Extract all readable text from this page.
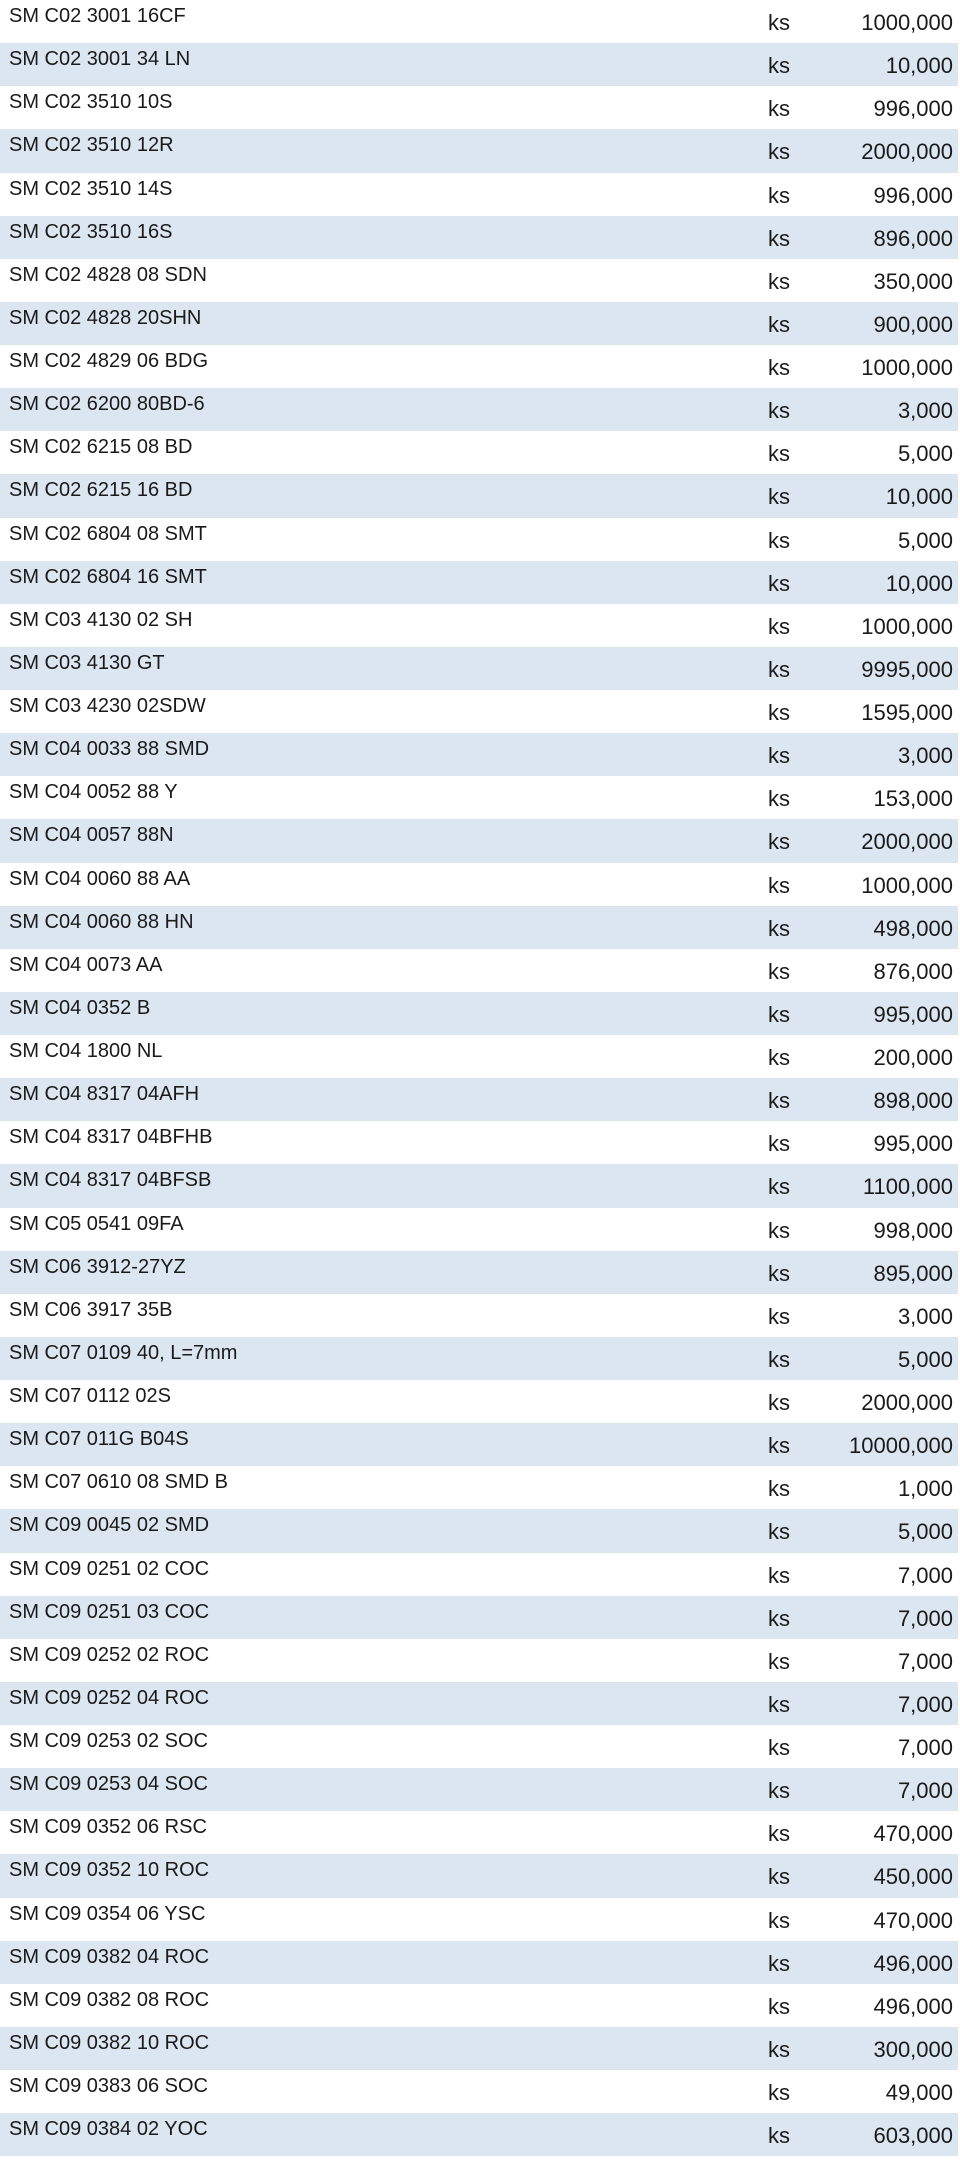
SM C02 3001 16CF	ks	1000,000
SM C02 3001 34 LN	ks	10,000
SM C02 3510 10S	ks	996,000
SM C02 3510 12R	ks	2000,000
SM C02 3510 14S	ks	996,000
SM C02 3510 16S	ks	896,000
SM C02 4828 08 SDN	ks	350,000
SM C02 4828 20SHN	ks	900,000
SM C02 4829 06 BDG	ks	1000,000
SM C02 6200 80BD-6	ks	3,000
SM C02 6215 08 BD	ks	5,000
SM C02 6215 16 BD	ks	10,000
SM C02 6804 08 SMT	ks	5,000
SM C02 6804 16 SMT	ks	10,000
SM C03 4130 02 SH	ks	1000,000
SM C03 4130 GT	ks	9995,000
SM C03 4230 02SDW	ks	1595,000
SM C04 0033 88 SMD	ks	3,000
SM C04 0052 88 Y	ks	153,000
SM C04 0057 88N	ks	2000,000
SM C04 0060 88 AA	ks	1000,000
SM C04 0060 88 HN	ks	498,000
SM C04 0073 AA	ks	876,000
SM C04 0352 B	ks	995,000
SM C04 1800 NL	ks	200,000
SM C04 8317 04AFH	ks	898,000
SM C04 8317 04BFHB	ks	995,000
SM C04 8317 04BFSB	ks	1100,000
SM C05 0541 09FA	ks	998,000
SM C06 3912-27YZ	ks	895,000
SM C06 3917 35B	ks	3,000
SM C07 0109 40, L=7mm	ks	5,000
SM C07 0112 02S	ks	2000,000
SM C07 011G B04S	ks	10000,000
SM C07 0610 08 SMD B	ks	1,000
SM C09 0045 02 SMD	ks	5,000
SM C09 0251 02 COC	ks	7,000
SM C09 0251 03 COC	ks	7,000
SM C09 0252 02 ROC	ks	7,000
SM C09 0252 04 ROC	ks	7,000
SM C09 0253 02 SOC	ks	7,000
SM C09 0253 04 SOC	ks	7,000
SM C09 0352 06 RSC	ks	470,000
SM C09 0352 10 ROC	ks	450,000
SM C09 0354 06 YSC	ks	470,000
SM C09 0382 04 ROC	ks	496,000
SM C09 0382 08 ROC	ks	496,000
SM C09 0382 10 ROC	ks	300,000
SM C09 0383 06 SOC	ks	49,000
SM C09 0384 02 YOC	ks	603,000
